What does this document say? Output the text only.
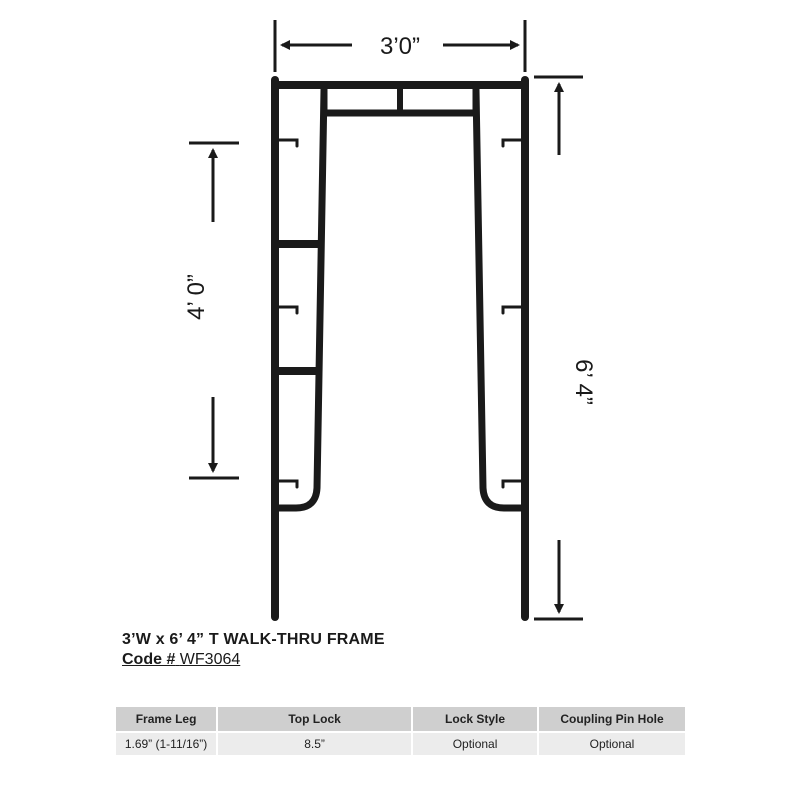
3’0”
4’ 0”
6’ 4”
3’W x 6’ 4” T WALK-THRU FRAME
Code # WF3064
Frame Leg	Top Lock	Lock Style	Coupling Pin Hole
1.69” (1-11/16”)	8.5”	Optional	Optional
